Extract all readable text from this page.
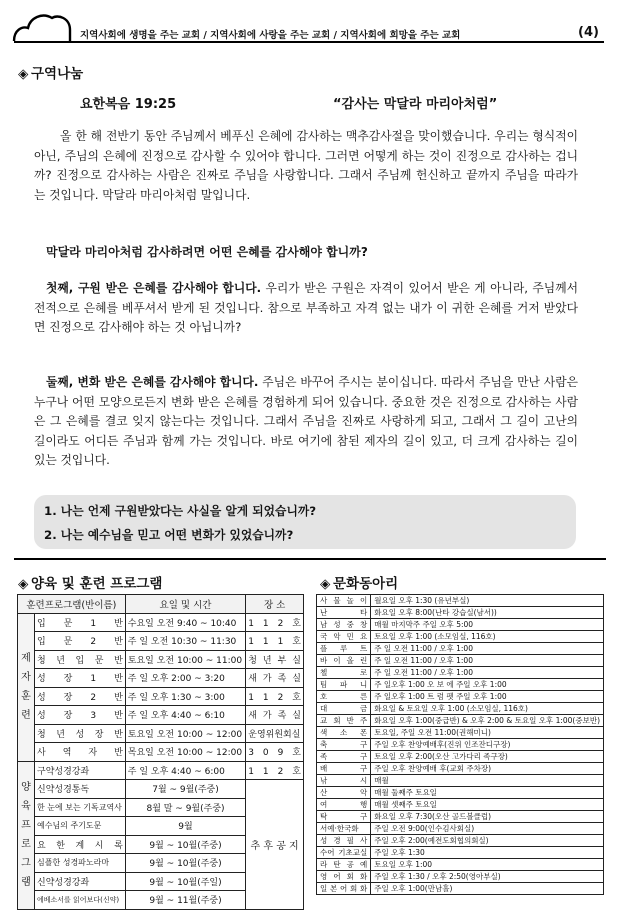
지역사회에 생명을 주는 교회 / 지역사회에 사랑을 주는 교회 / 지역사회에 희망을 주는 교회	(4)
◈ 구역나눔
요한복음 19:25	“감사는 막달라 마리아처럼”
올 한 해 전반기 동안 주님께서 베푸신 은혜에 감사하는 맥추감사절을 맞이했습니다. 우리는 형식적이 아닌, 주님의 은혜에 진정으로 감사할 수 있어야 합니다. 그러면 어떻게 하는 것이 진정으로 감사하는 겁니까? 진정으로 감사하는 사람은 진짜로 주님을 사랑합니다. 그래서 주님께 헌신하고 끝까지 주님을 따라가는 것입니다. 막달라 마리아처럼 말입니다.
막달라 마리아처럼 감사하려면 어떤 은혜를 감사해야 합니까?
첫째, 구원 받은 은혜를 감사해야 합니다. 우리가 받은 구원은 자격이 있어서 받은 게 아니라, 주님께서 전적으로 은혜를 베푸셔서 받게 된 것입니다. 참으로 부족하고 자격 없는 내가 이 귀한 은혜를 거저 받았다면 진정으로 감사해야 하는 것 아닙니까?
둘째, 변화 받은 은혜를 감사해야 합니다. 주님은 바꾸어 주시는 분이십니다. 따라서 주님을 만난 사람은 누구나 어떤 모양으로든지 변화 받은 은혜를 경험하게 되어 있습니다. 중요한 것은 진정으로 감사하는 사람은 그 은혜를 결코 잊지 않는다는 것입니다. 그래서 주님을 진짜로 사랑하게 되고, 그래서 그 길이 고난의 길이라도 어디든 주님과 함께 가는 것입니다. 바로 여기에 참된 제자의 길이 있고, 더 크게 감사하는 길이 있는 것입니다.
1. 나는 언제 구원받았다는 사실을 알게 되었습니까?
2. 나는 예수님을 믿고 어떤 변화가 있었습니까?
◈ 양육 및 훈련 프로그램
훈련프로그램(반이름)		요일 및 시간	장 소
제 자 훈 련	입 문 1 반	수요일 오전 9:40 ~ 10:40	1 1 2 호
	입 문 2 반	주 일 오전 10:30 ~ 11:30	1 1 1 호
	청 년 입 문 반	토요일 오전 10:00 ~ 11:00	청 년 부 실
	성 장 1 반	주 일 오후 2:00 ~ 3:20	새 가 족 실
	성 장 2 반	주 일 오후 1:30 ~ 3:00	1 1 2 호
	성 장 3 반	주 일 오후 4:40 ~ 6:10	새 가 족 실
	청 년 성 장 반	토요일 오전 10:00 ~ 12:00	운영위원회실
	사 역 자 반	목요일 오전 10:00 ~ 12:00	3 0 9 호
양 육 프 로 그 램	구약성경강좌	주 일 오후 4:40 ~ 6:00	1 1 2 호
	신약성경통독	7월 ~ 9월(주중)	추 후 공 지
	한 눈에 보는 기독교역사	8월 말 ~ 9월(주중)	
	예수님의 주기도문	9월	
	요 한 계 시 록	9월 ~ 10월(주중)	
	심플한 성경파노라마	9월 ~ 10월(주중)	
	신약성경강좌	9월 ~ 10월(주일)	
	에베소서를 읽어보다(신약)	9월 ~ 11월(주중)	
◈ 문화동아리
사 물 놀 이	월요일 오후 1:30 (유년부실)
난 타	화요일 오후 8:00(난타 강습실(남서))
남 성 중 창	매월 마지막주 주일 오후 5:00
국 악 민 요	토요일 오후 1:00 (소모임실, 116호)
플 루 트	주 일 오전 11:00 / 오후 1:00
바 이 올 린	주 일 오전 11:00 / 오후 1:00
첼 로	주 일 오전 11:00 / 오후 1:00
팀 파 니	주 일오후 1:00 오 보 에 주일 오후 1:00
호 른	주 일오후 1:00 트 럼 펫 주일 오후 1:00
대 금	화요일 & 토요일 오후 1:00 (소모임실, 116호)
교 회 반 주	화요일 오후 1:00(중급반) & 오후 2:00 & 토요일 오후 1:00(중보반)
색 소 폰	토요일, 주일 오전 11:00(권해미니)
축 구	주일 오후 찬양예배후(진위 인조잔디구장)
족 구	토요일 오후 2:00(오산 고가다리 족구장)
배 구	주일 오후 찬양예배 후(교회 주차장)
낚 시	매월
산 악	매월 둘째주 토요일
여 행	매월 셋째주 토요일
탁 구	화요일 오후 7:30(오산 골드볼클럽)
서예·한국화	주일 오전 9:00(인수김사회실)
성 경 필 사	주일 오후 2:00(예전도회협의회실)
수어 기초교실	주일 오후 1:30
라 탄 공 예	토요일 오후 1:00
영 어 회 화	주일 오후 1:30 / 오후 2:50(영아부실)
일 본 어 회 화	주일 오후 1:00(만남홀)
